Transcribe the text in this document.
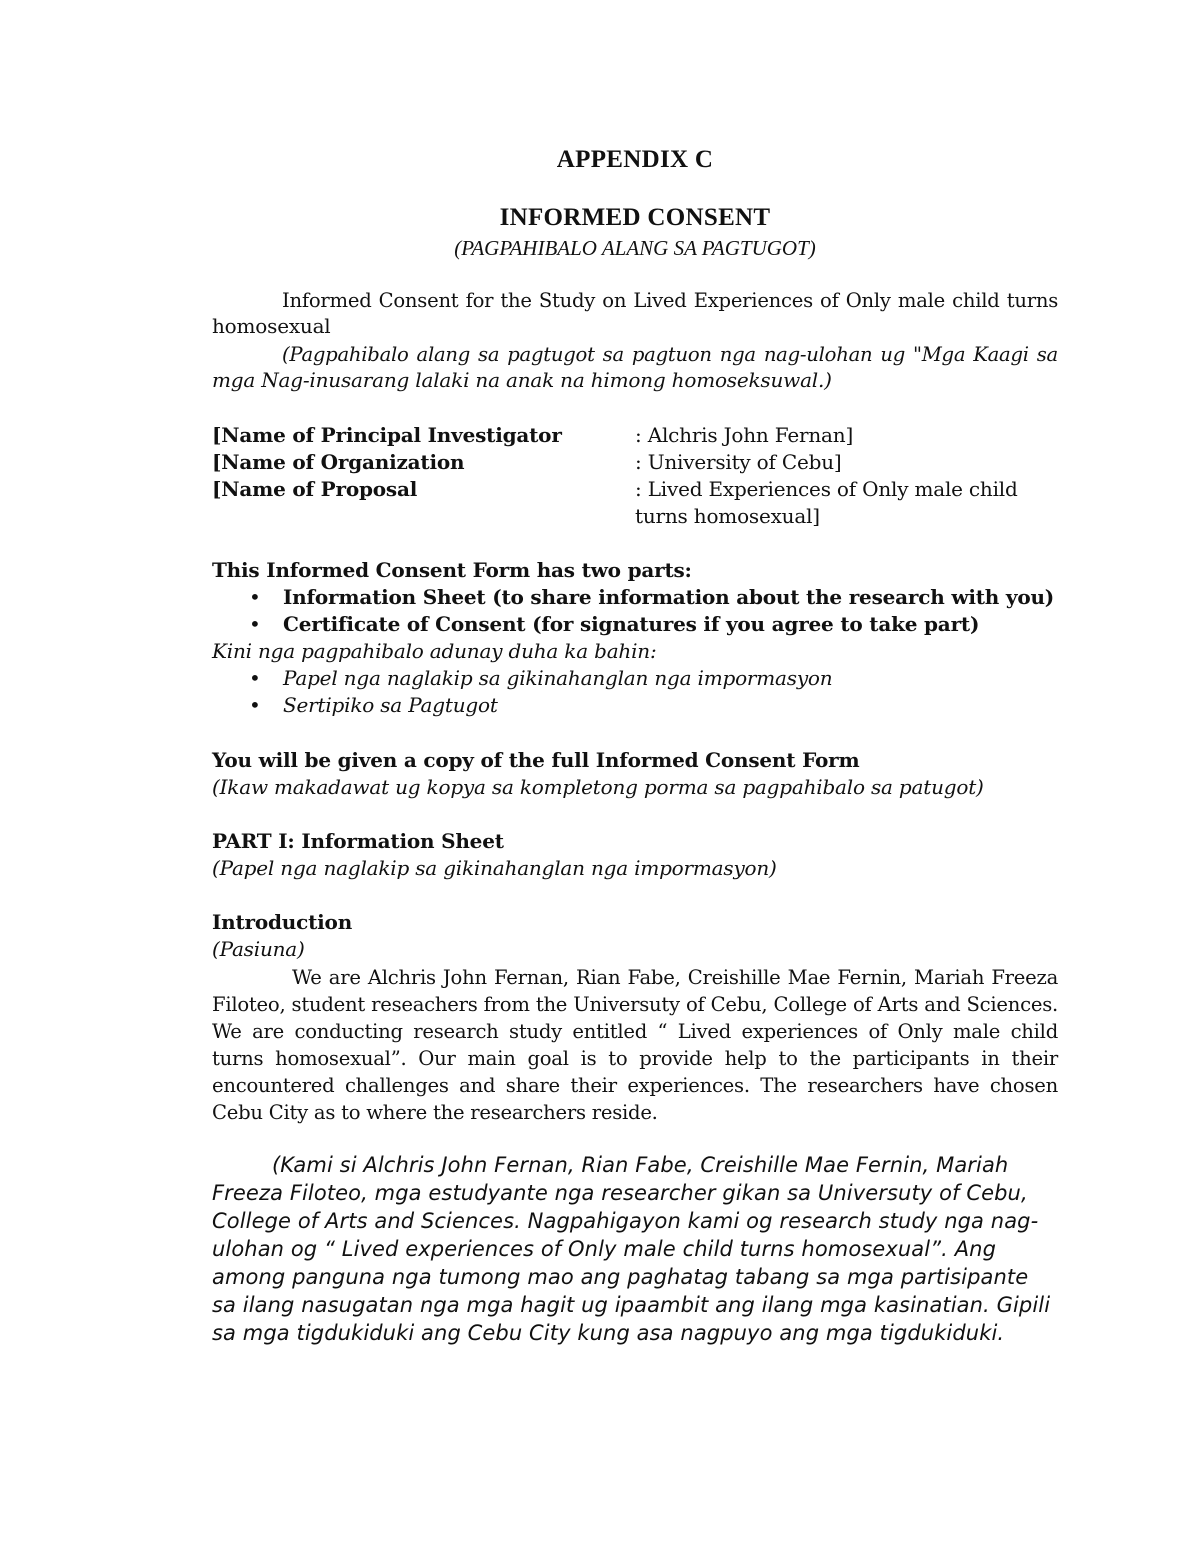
APPENDIX C
INFORMED CONSENT
(PAGPAHIBALO ALANG SA PAGTUGOT)
Informed Consent for the Study on Lived Experiences of Only male child turns
homosexual
(Pagpahibalo alang sa pagtugot sa pagtuon nga nag-ulohan ug "Mga Kaagi sa
mga Nag-inusarang lalaki na anak na himong homoseksuwal.)
[Name of Principal Investigator	: Alchris John Fernan]
[Name of Organization	: University of Cebu]
[Name of Proposal	: Lived Experiences of Only male child
turns homosexual]
This Informed Consent Form has two parts:
• Information Sheet (to share information about the research with you)
• Certificate of Consent (for signatures if you agree to take part)
Kini nga pagpahibalo adunay duha ka bahin:
• Papel nga naglakip sa gikinahanglan nga impormasyon
• Sertipiko sa Pagtugot
You will be given a copy of the full Informed Consent Form
(Ikaw makadawat ug kopya sa kompletong porma sa pagpahibalo sa patugot)
PART I: Information Sheet
(Papel nga naglakip sa gikinahanglan nga impormasyon)
Introduction
(Pasiuna)
We are Alchris John Fernan, Rian Fabe, Creishille Mae Fernin, Mariah Freeza Filoteo, student reseachers from the Universuty of Cebu, College of Arts and Sciences. We are conducting research study entitled “ Lived experiences of Only male child turns homosexual”. Our main goal is to provide help to the participants in their encountered challenges and share their experiences. The researchers have chosen Cebu City as to where the researchers reside.
(Kami si Alchris John Fernan, Rian Fabe, Creishille Mae Fernin, Mariah Freeza Filoteo, mga estudyante nga researcher gikan sa Universuty of Cebu, College of Arts and Sciences. Nagpahigayon kami og research study nga nag-ulohan og “ Lived experiences of Only male child turns homosexual”. Ang among panguna nga tumong mao ang paghatag tabang sa mga partisipante sa ilang nasugatan nga mga hagit ug ipaambit ang ilang mga kasinatian. Gipili sa mga tigdukiduki ang Cebu City kung asa nagpuyo ang mga tigdukiduki.
